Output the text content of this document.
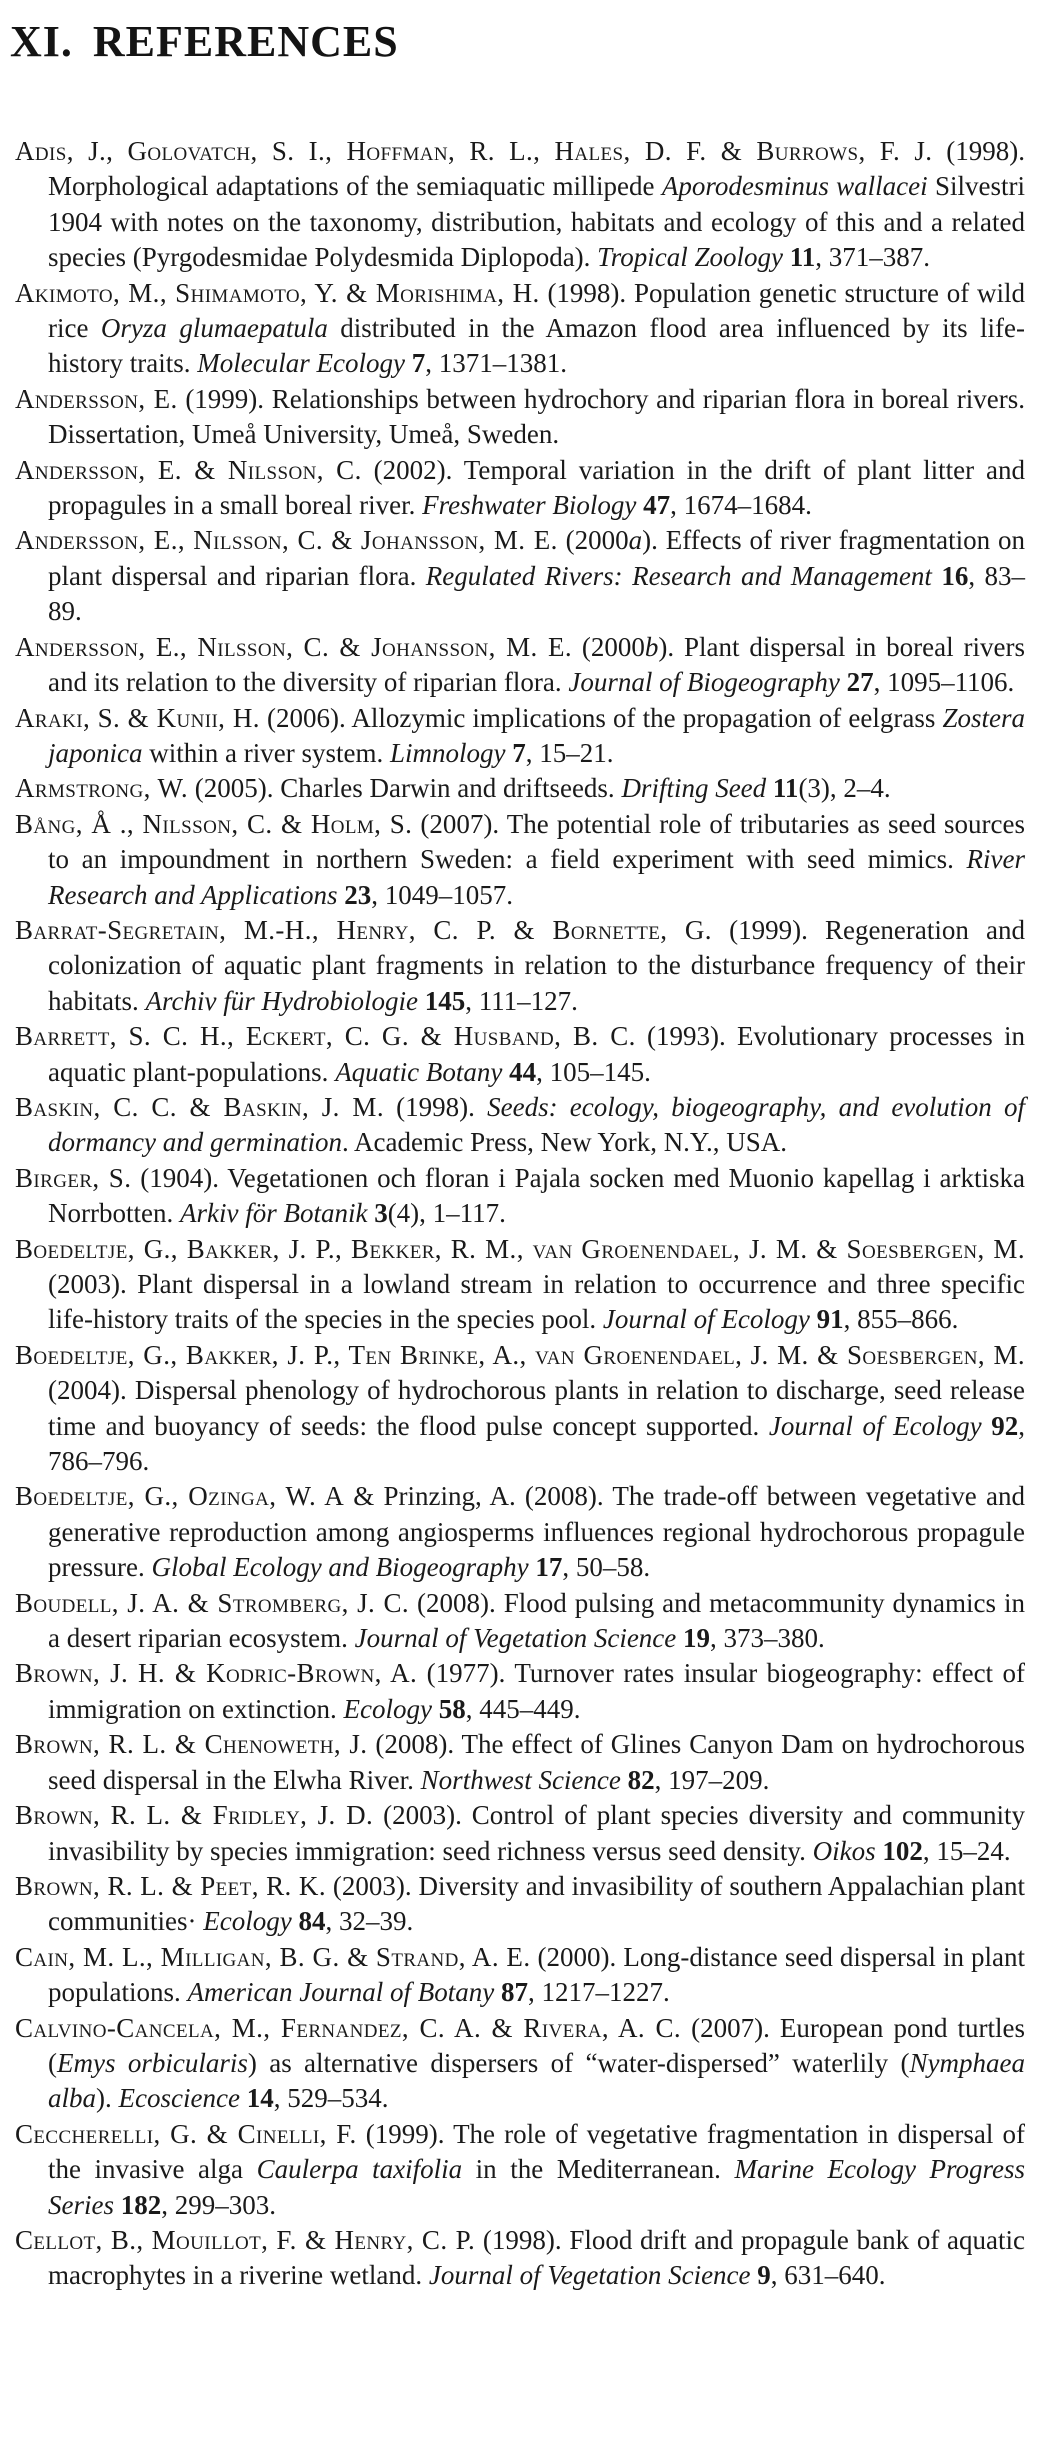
XI. REFERENCES
Adis, J., Golovatch, S. I., Hoffman, R. L., Hales, D. F. & Burrows, F. J. (1998). Morphological adaptations of the semiaquatic millipede Aporodesminus wallacei Silvestri 1904 with notes on the taxonomy, distribution, habitats and ecology of this and a related species (Pyrgodesmidae Polydesmida Diplopoda). Tropical Zoology 11, 371–387.
Akimoto, M., Shimamoto, Y. & Morishima, H. (1998). Population genetic structure of wild rice Oryza glumaepatula distributed in the Amazon flood area influenced by its life-history traits. Molecular Ecology 7, 1371–1381.
Andersson, E. (1999). Relationships between hydrochory and riparian flora in boreal rivers. Dissertation, Umeå University, Umeå, Sweden.
Andersson, E. & Nilsson, C. (2002). Temporal variation in the drift of plant litter and propagules in a small boreal river. Freshwater Biology 47, 1674–1684.
Andersson, E., Nilsson, C. & Johansson, M. E. (2000a). Effects of river fragmentation on plant dispersal and riparian flora. Regulated Rivers: Research and Management 16, 83–89.
Andersson, E., Nilsson, C. & Johansson, M. E. (2000b). Plant dispersal in boreal rivers and its relation to the diversity of riparian flora. Journal of Biogeography 27, 1095–1106.
Araki, S. & Kunii, H. (2006). Allozymic implications of the propagation of eelgrass Zostera japonica within a river system. Limnology 7, 15–21.
Armstrong, W. (2005). Charles Darwin and driftseeds. Drifting Seed 11(3), 2–4.
Bång, Å ., Nilsson, C. & Holm, S. (2007). The potential role of tributaries as seed sources to an impoundment in northern Sweden: a field experiment with seed mimics. River Research and Applications 23, 1049–1057.
Barrat-Segretain, M.-H., Henry, C. P. & Bornette, G. (1999). Regeneration and colonization of aquatic plant fragments in relation to the disturbance frequency of their habitats. Archiv für Hydrobiologie 145, 111–127.
Barrett, S. C. H., Eckert, C. G. & Husband, B. C. (1993). Evolutionary processes in aquatic plant-populations. Aquatic Botany 44, 105–145.
Baskin, C. C. & Baskin, J. M. (1998). Seeds: ecology, biogeography, and evolution of dormancy and germination. Academic Press, New York, N.Y., USA.
Birger, S. (1904). Vegetationen och floran i Pajala socken med Muonio kapellag i arktiska Norrbotten. Arkiv för Botanik 3(4), 1–117.
Boedeltje, G., Bakker, J. P., Bekker, R. M., van Groenendael, J. M. & Soesbergen, M. (2003). Plant dispersal in a lowland stream in relation to occurrence and three specific life-history traits of the species in the species pool. Journal of Ecology 91, 855–866.
Boedeltje, G., Bakker, J. P., Ten Brinke, A., van Groenendael, J. M. & Soesbergen, M. (2004). Dispersal phenology of hydrochorous plants in relation to discharge, seed release time and buoyancy of seeds: the flood pulse concept supported. Journal of Ecology 92, 786–796.
Boedeltje, G., Ozinga, W. A & Prinzing, A. (2008). The trade-off between vegetative and generative reproduction among angiosperms influences regional hydrochorous propagule pressure. Global Ecology and Biogeography 17, 50–58.
Boudell, J. A. & Stromberg, J. C. (2008). Flood pulsing and metacommunity dynamics in a desert riparian ecosystem. Journal of Vegetation Science 19, 373–380.
Brown, J. H. & Kodric-Brown, A. (1977). Turnover rates insular biogeography: effect of immigration on extinction. Ecology 58, 445–449.
Brown, R. L. & Chenoweth, J. (2008). The effect of Glines Canyon Dam on hydrochorous seed dispersal in the Elwha River. Northwest Science 82, 197–209.
Brown, R. L. & Fridley, J. D. (2003). Control of plant species diversity and community invasibility by species immigration: seed richness versus seed density. Oikos 102, 15–24.
Brown, R. L. & Peet, R. K. (2003). Diversity and invasibility of southern Appalachian plant communities· Ecology 84, 32–39.
Cain, M. L., Milligan, B. G. & Strand, A. E. (2000). Long-distance seed dispersal in plant populations. American Journal of Botany 87, 1217–1227.
Calvino-Cancela, M., Fernandez, C. A. & Rivera, A. C. (2007). European pond turtles (Emys orbicularis) as alternative dispersers of “water-dispersed” waterlily (Nymphaea alba). Ecoscience 14, 529–534.
Ceccherelli, G. & Cinelli, F. (1999). The role of vegetative fragmentation in dispersal of the invasive alga Caulerpa taxifolia in the Mediterranean. Marine Ecology Progress Series 182, 299–303.
Cellot, B., Mouillot, F. & Henry, C. P. (1998). Flood drift and propagule bank of aquatic macrophytes in a riverine wetland. Journal of Vegetation Science 9, 631–640.
